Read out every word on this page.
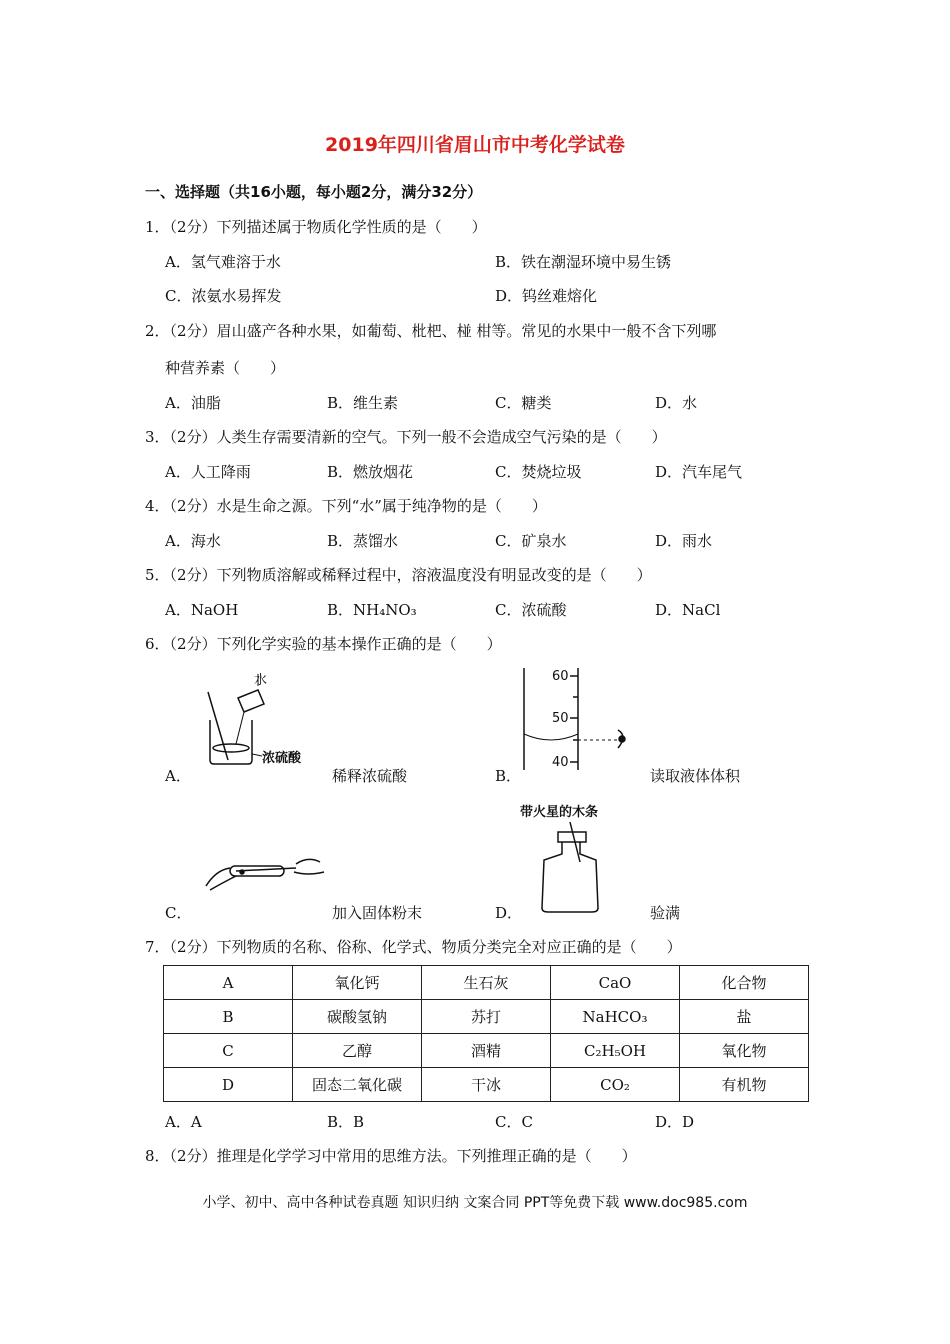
2019年四川省眉山市中考化学试卷
一、选择题（共16小题，每小题2分，满分32分）
1．（2分）下列描述属于物质化学性质的是（　　）
A．氢气难溶于水	B．铁在潮湿环境中易生锈
C．浓氨水易挥发	D．钨丝难熔化
2．（2分）眉山盛产各种水果，如葡萄、枇杷、椪 柑等。常见的水果中一般不含下列哪
种营养素（　　）
A．油脂	B．维生素	C．糖类	D．水
3．（2分）人类生存需要清新的空气。下列一般不会造成空气污染的是（　　）
A．人工降雨	B．燃放烟花	C．焚烧垃圾	D．汽车尾气
4．（2分）水是生命之源。下列“水”属于纯净物的是（　　）
A．海水	B．蒸馏水	C．矿泉水	D．雨水
5．（2分）下列物质溶解或稀释过程中，溶液温度没有明显改变的是（　　）
A．NaOH	B．NH₄NO₃	C．浓硫酸	D．NaCl
6．（2分）下列化学实验的基本操作正确的是（　　）
水
浓硫酸
A．	稀释浓硫酸
60
50
40
B．	读取液体体积
C．	加入固体粉末
带火星的木条
D．	验满
7．（2分）下列物质的名称、俗称、化学式、物质分类完全对应正确的是（　　）
A	氧化钙	生石灰	CaO	化合物
B	碳酸氢钠	苏打	NaHCO₃	盐
C	乙醇	酒精	C₂H₅OH	氧化物
D	固态二氧化碳	干冰	CO₂	有机物
A．A	B．B	C．C	D．D
8．（2分）推理是化学学习中常用的思维方法。下列推理正确的是（　　）
小学、初中、高中各种试卷真题 知识归纳 文案合同 PPT等免费下载 www.doc985.com
